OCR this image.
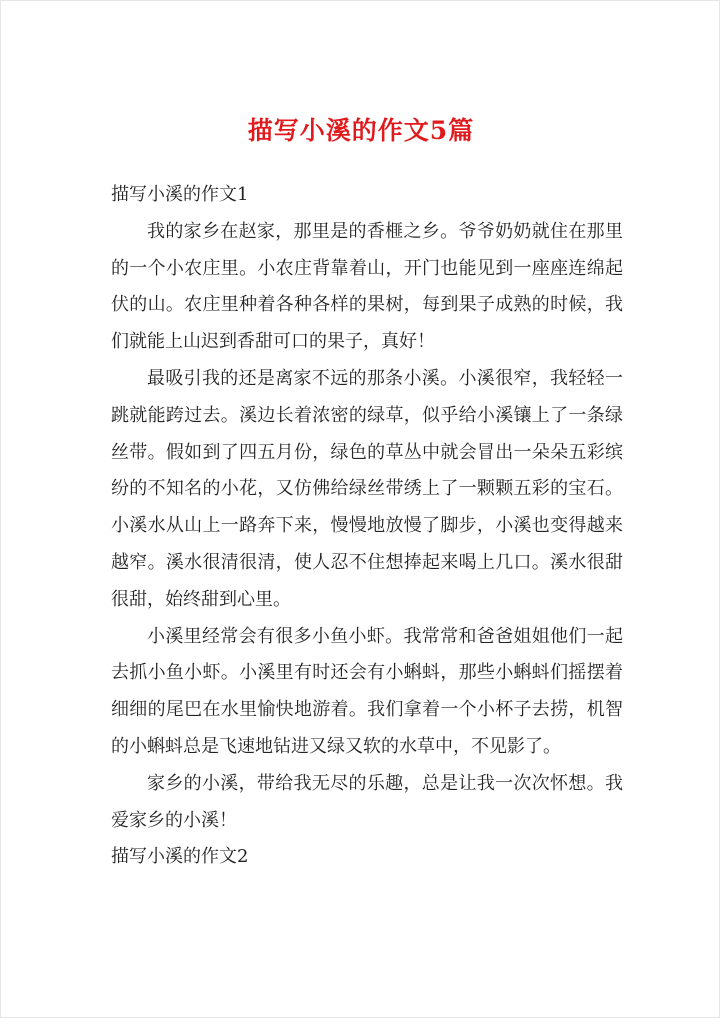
描写小溪的作文5篇

描写小溪的作文1

我的家乡在赵家，那里是的香榧之乡。爷爷奶奶就住在那里的一个小农庄里。小农庄背靠着山，开门也能见到一座座连绵起伏的山。农庄里种着各种各样的果树，每到果子成熟的时候，我们就能上山迟到香甜可口的果子，真好！

最吸引我的还是离家不远的那条小溪。小溪很窄，我轻轻一跳就能跨过去。溪边长着浓密的绿草，似乎给小溪镶上了一条绿丝带。假如到了四五月份，绿色的草丛中就会冒出一朵朵五彩缤纷的不知名的小花，又仿佛给绿丝带绣上了一颗颗五彩的宝石。小溪水从山上一路奔下来，慢慢地放慢了脚步，小溪也变得越来越窄。溪水很清很清，使人忍不住想捧起来喝上几口。溪水很甜很甜，始终甜到心里。

小溪里经常会有很多小鱼小虾。我常常和爸爸姐姐他们一起去抓小鱼小虾。小溪里有时还会有小蝌蚪，那些小蝌蚪们摇摆着细细的尾巴在水里愉快地游着。我们拿着一个小杯子去捞，机智的小蝌蚪总是飞速地钻进又绿又软的水草中，不见影了。

家乡的小溪，带给我无尽的乐趣，总是让我一次次怀想。我爱家乡的小溪！

描写小溪的作文2
